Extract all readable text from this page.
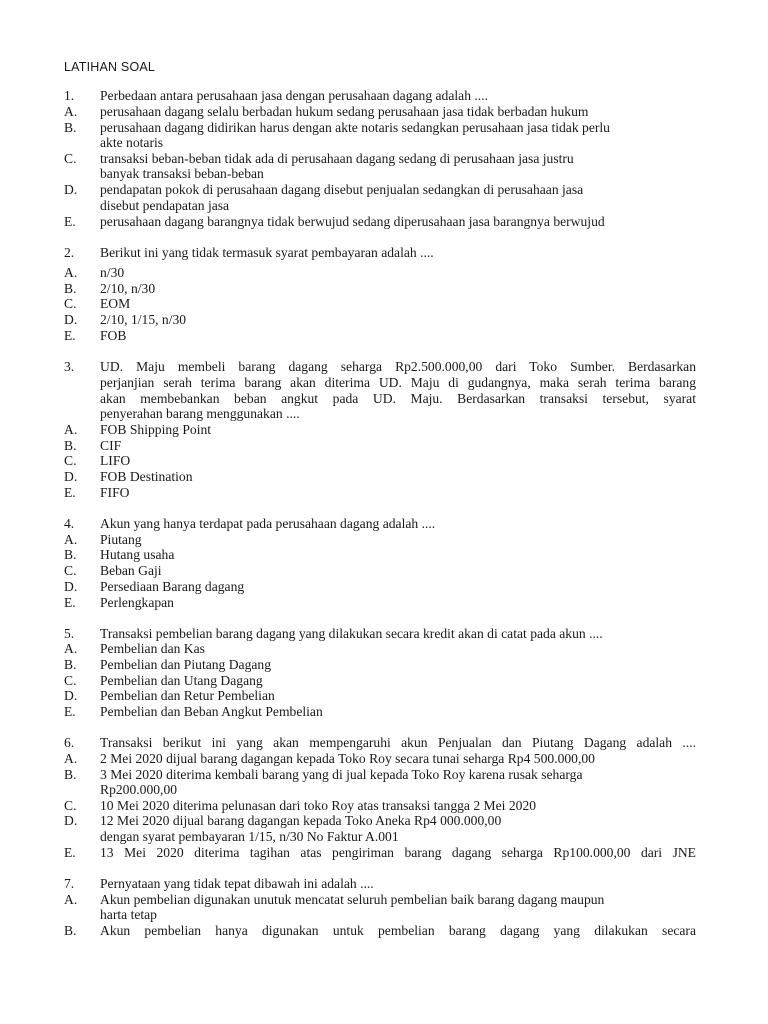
LATIHAN SOAL
1.	Perbedaan antara perusahaan jasa dengan perusahaan dagang adalah ....
A.	perusahaan dagang selalu berbadan hukum sedang perusahaan jasa tidak berbadan hukum
B.	perusahaan dagang didirikan harus dengan akte notaris sedangkan perusahaan jasa tidak perlu
akte notaris
C.	transaksi beban-beban tidak ada di perusahaan dagang sedang di perusahaan jasa justru
banyak transaksi beban-beban
D.	pendapatan pokok di perusahaan dagang disebut penjualan sedangkan di perusahaan jasa
disebut pendapatan jasa
E.	perusahaan dagang barangnya tidak berwujud sedang diperusahaan jasa barangnya berwujud
2.	Berikut ini yang tidak termasuk syarat pembayaran adalah ....
A.	n/30
B.	2/10, n/30
C.	EOM
D.	2/10, 1/15, n/30
E.	FOB
3.	UD. Maju membeli barang dagang seharga Rp2.500.000,00 dari Toko Sumber. Berdasarkan
perjanjian serah terima barang akan diterima UD. Maju di gudangnya, maka serah terima barang
akan membebankan beban angkut pada UD. Maju. Berdasarkan transaksi tersebut, syarat
penyerahan barang menggunakan ....
A.	FOB Shipping Point
B.	CIF
C.	LIFO
D.	FOB Destination
E.	FIFO
4.	Akun yang hanya terdapat pada perusahaan dagang adalah ....
A.	Piutang
B.	Hutang usaha
C.	Beban Gaji
D.	Persediaan Barang dagang
E.	Perlengkapan
5.	Transaksi pembelian barang dagang yang dilakukan secara kredit akan di catat pada akun ....
A.	Pembelian dan Kas
B.	Pembelian dan Piutang Dagang
C.	Pembelian dan Utang Dagang
D.	Pembelian dan Retur Pembelian
E.	Pembelian dan Beban Angkut Pembelian
6.	Transaksi berikut ini yang akan mempengaruhi akun Penjualan dan Piutang Dagang adalah ....
A.	2 Mei 2020 dijual barang dagangan kepada Toko Roy secara tunai seharga Rp4 500.000,00
B.	3 Mei 2020 diterima kembali barang yang di jual kepada Toko Roy karena rusak seharga
Rp200.000,00
C.	10 Mei 2020 diterima pelunasan dari toko Roy atas transaksi tangga 2 Mei 2020
D.	12 Mei 2020 dijual barang dagangan kepada Toko Aneka Rp4 000.000,00
dengan syarat pembayaran 1/15, n/30 No Faktur A.001
E.	13 Mei 2020 diterima tagihan atas pengiriman barang dagang seharga Rp100.000,00 dari JNE
7.	Pernyataan yang tidak tepat dibawah ini adalah ....
A.	Akun pembelian digunakan unutuk mencatat seluruh pembelian baik barang dagang maupun
harta tetap
B.	Akun pembelian hanya digunakan untuk pembelian barang dagang yang dilakukan secara
